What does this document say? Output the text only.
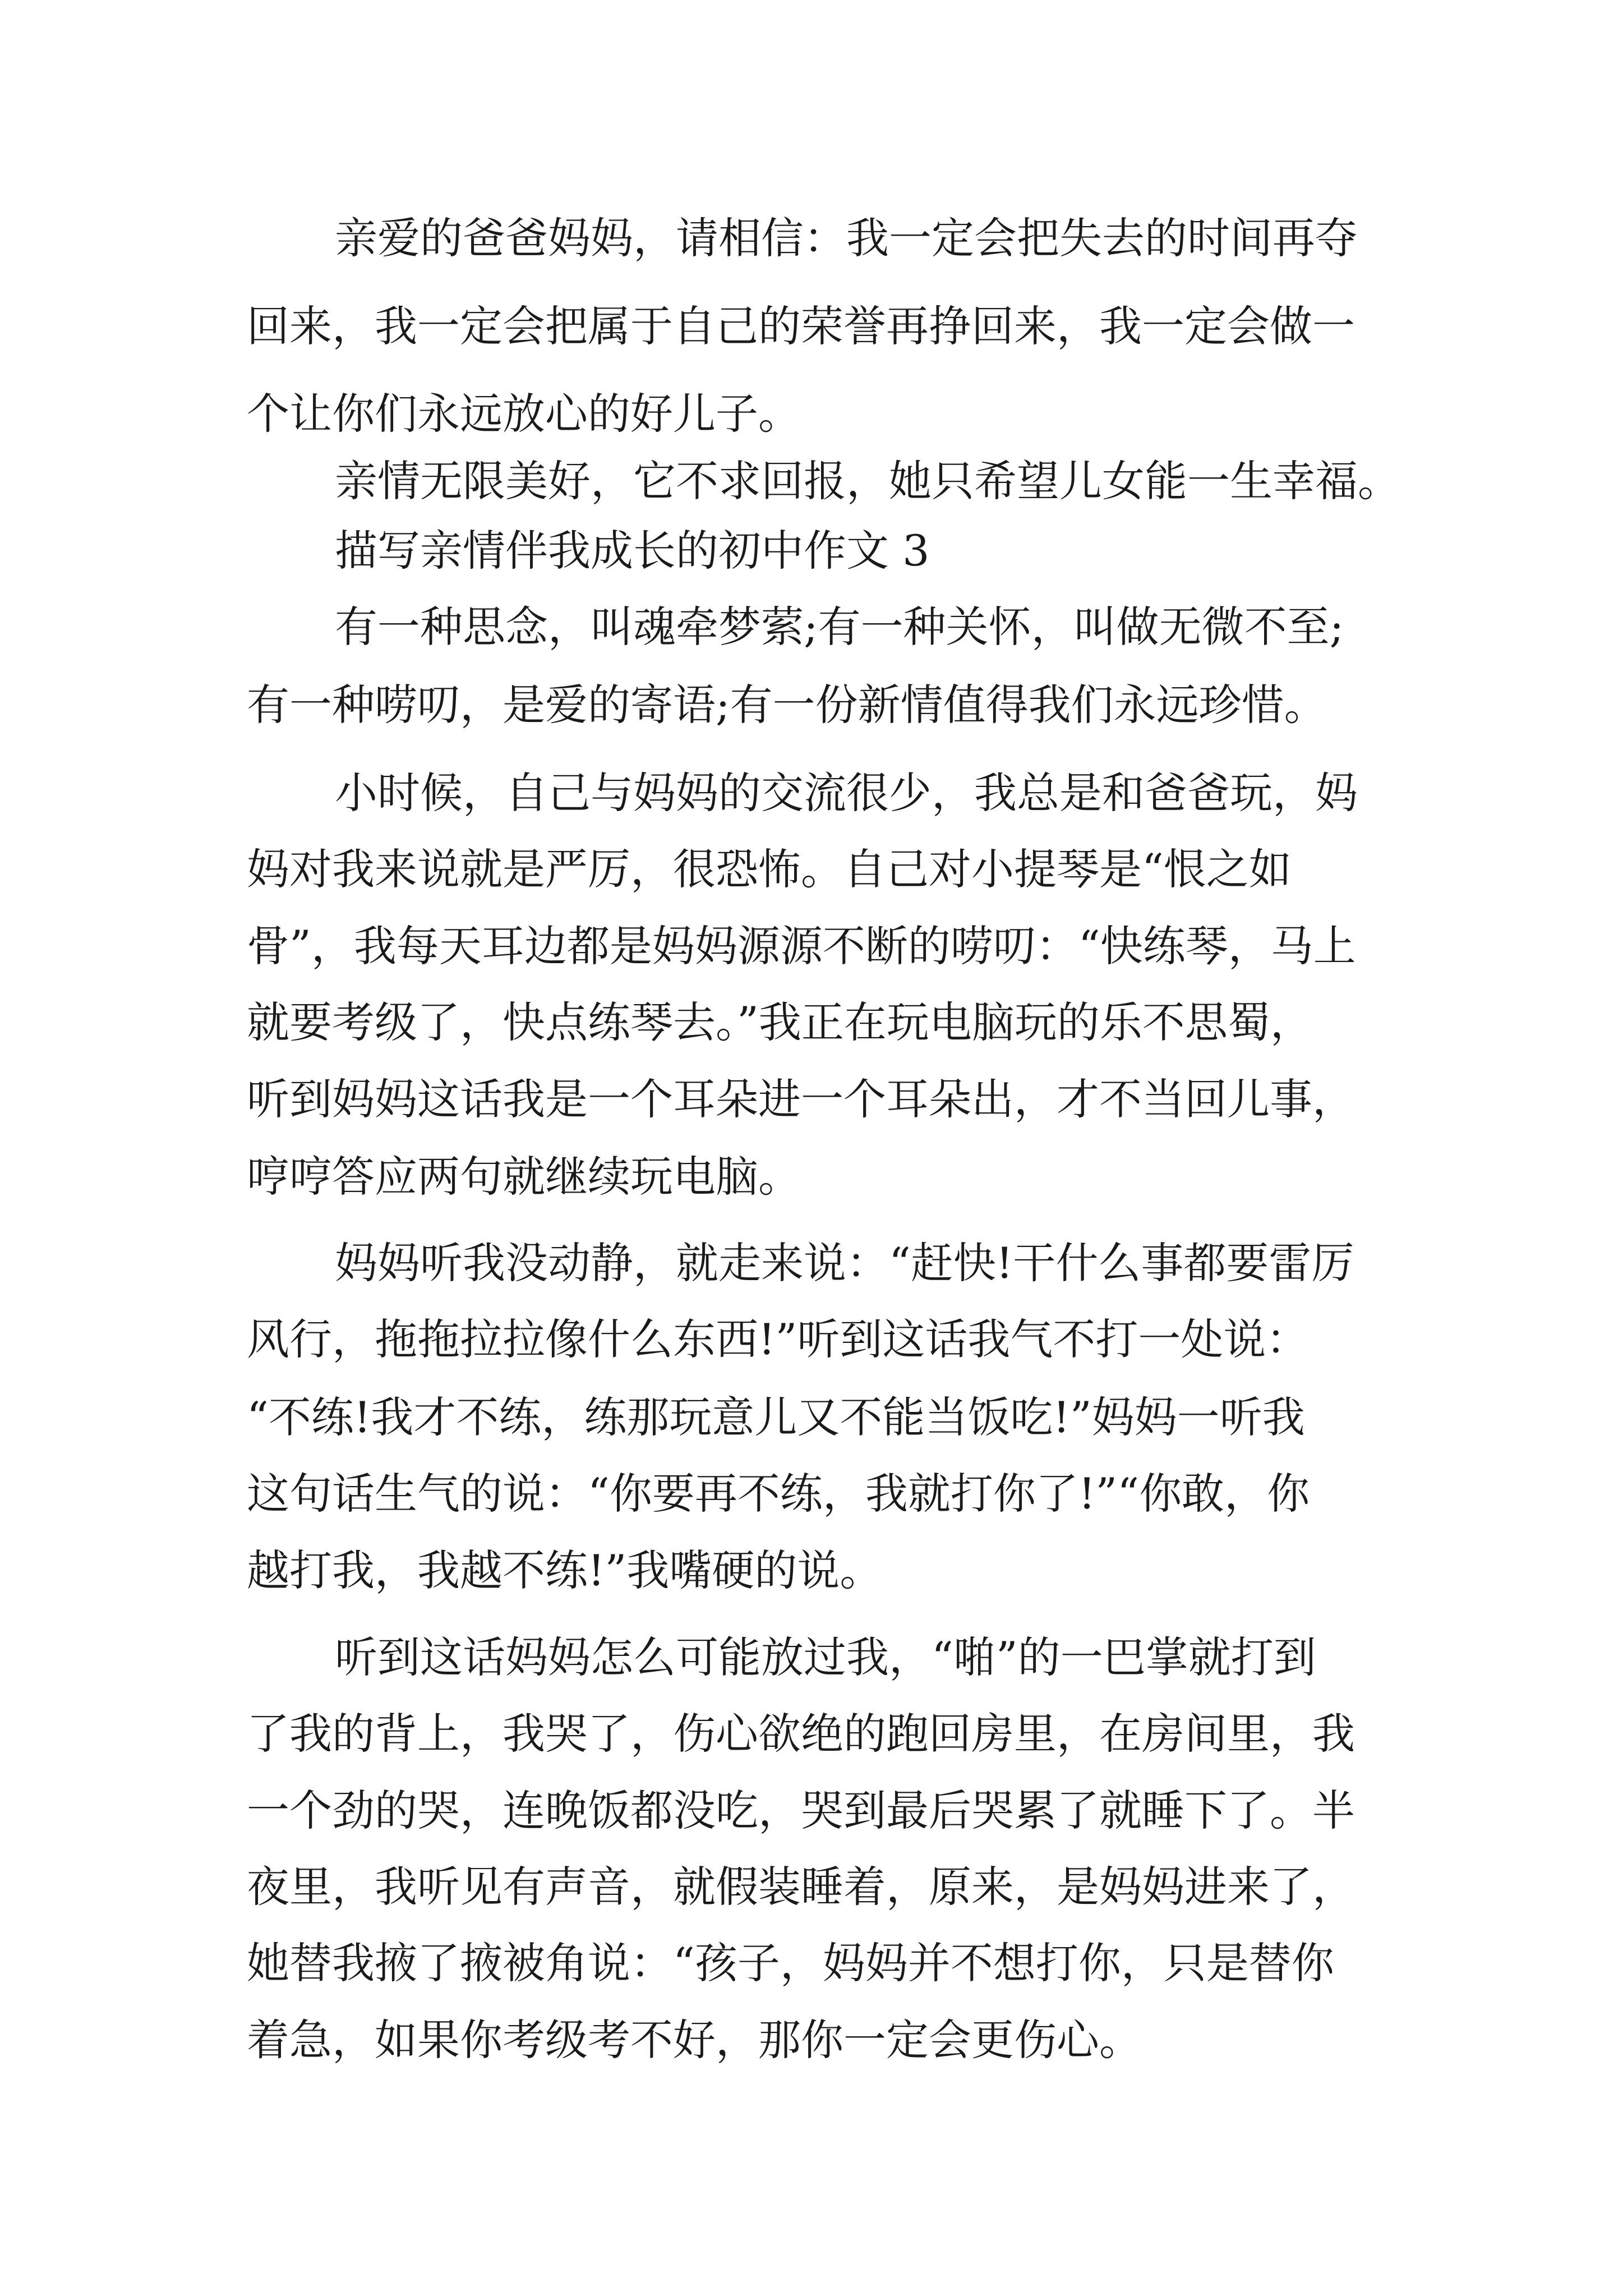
亲爱的爸爸妈妈，请相信：我一定会把失去的时间再夺

回来，我一定会把属于自己的荣誉再挣回来，我一定会做一

个让你们永远放心的好儿子。

亲情无限美好，它不求回报，她只希望儿女能一生幸福。

描写亲情伴我成长的初中作文 3

有一种思念，叫魂牵梦萦;有一种关怀，叫做无微不至;

有一种唠叨，是爱的寄语;有一份新情值得我们永远珍惜。

小时候，自己与妈妈的交流很少，我总是和爸爸玩，妈

妈对我来说就是严厉，很恐怖。自己对小提琴是“恨之如

骨”，我每天耳边都是妈妈源源不断的唠叨：“快练琴，马上

就要考级了，快点练琴去。”我正在玩电脑玩的乐不思蜀，

听到妈妈这话我是一个耳朵进一个耳朵出，才不当回儿事，

哼哼答应两句就继续玩电脑。

妈妈听我没动静，就走来说：“赶快!干什么事都要雷厉

风行，拖拖拉拉像什么东西!”听到这话我气不打一处说：

“不练!我才不练，练那玩意儿又不能当饭吃!”妈妈一听我

这句话生气的说：“你要再不练，我就打你了!”“你敢，你

越打我，我越不练!”我嘴硬的说。

听到这话妈妈怎么可能放过我，“啪”的一巴掌就打到

了我的背上，我哭了，伤心欲绝的跑回房里，在房间里，我

一个劲的哭，连晚饭都没吃，哭到最后哭累了就睡下了。半

夜里，我听见有声音，就假装睡着，原来，是妈妈进来了，

她替我掖了掖被角说：“孩子，妈妈并不想打你，只是替你

着急，如果你考级考不好，那你一定会更伤心。
